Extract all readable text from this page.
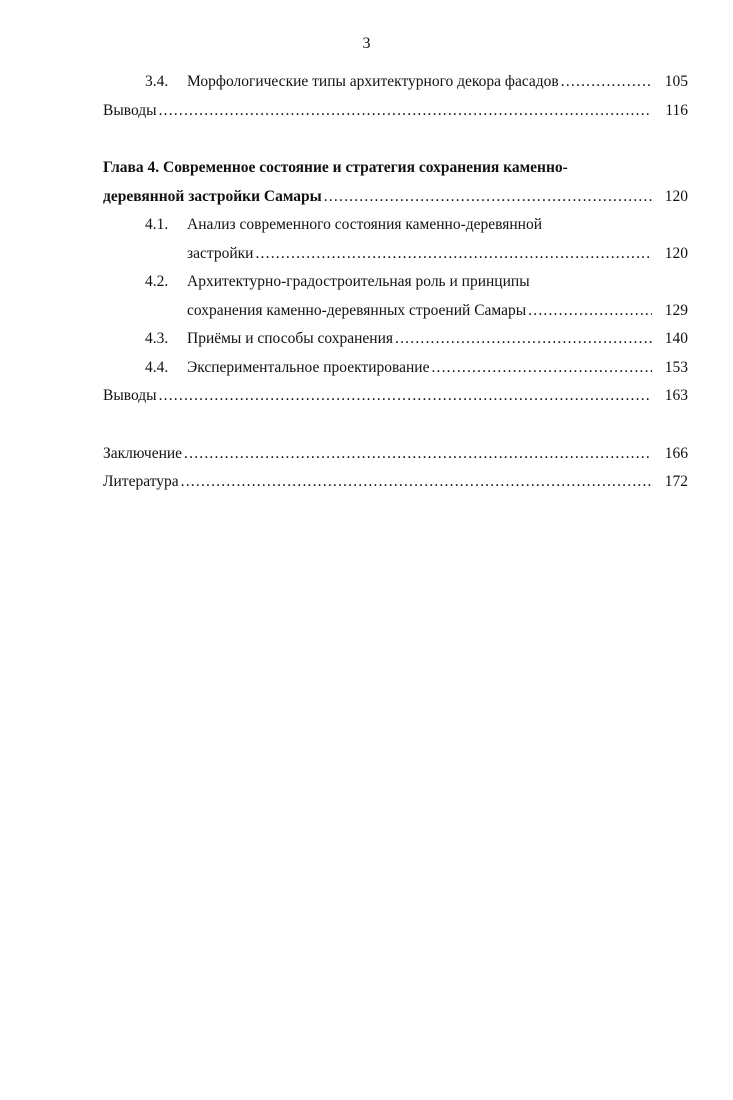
3
3.4.	Морфологические типы архитектурного декора фасадов .....	105
Выводы .....	116
Глава 4. Современное состояние и стратегия сохранения каменно-
деревянной застройки Самары .....	120
4.1.	Анализ современного состояния каменно-деревянной
застройки .....	120
4.2.	Архитектурно-градостроительная роль и принципы
сохранения каменно-деревянных строений Самары .....	129
4.3.	Приёмы и способы сохранения .....	140
4.4.	Экспериментальное проектирование .....	153
Выводы .....	163
Заключение .....	166
Литература .....	172
